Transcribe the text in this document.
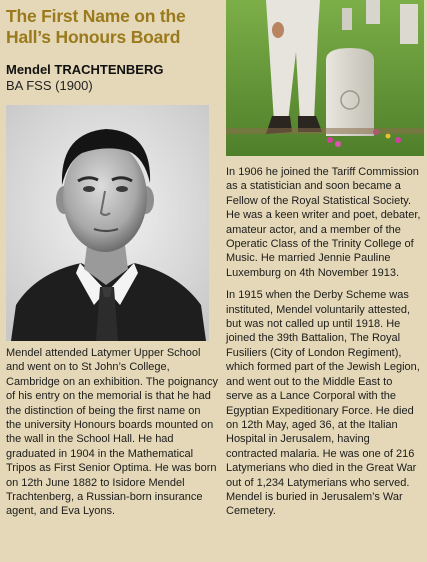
The First Name on the Hall’s Honours Board
Mendel TRACHTENBERG
BA FSS (1900)

Mendel attended Latymer Upper School and went on to St John’s College, Cambridge on an exhibition. The poignancy of his entry on the memorial is that he had the distinction of being the first name on the university Honours boards mounted on the wall in the School Hall. He had graduated in 1904 in the Mathematical Tripos as First Senior Optima. He was born on 12th June 1882 to Isidore Mendel Trachtenberg, a Russian-born insurance agent, and Eva Lyons.

In 1906 he joined the Tariff Commission as a statistician and soon became a Fellow of the Royal Statistical Society. He was a keen writer and poet, debater, amateur actor, and a member of the Operatic Class of the Trinity College of Music. He married Jennie Pauline Luxemburg on 4th November 1913.

In 1915 when the Derby Scheme was instituted, Mendel voluntarily attested, but was not called up until 1918. He joined the 39th Battalion, The Royal Fusiliers (City of London Regiment), which formed part of the Jewish Legion, and went out to the Middle East to serve as a Lance Corporal with the Egyptian Expeditionary Force. He died on 12th May, aged 36, at the Italian Hospital in Jerusalem, having contracted malaria. He was one of 216 Latymerians who died in the Great War out of 1,234 Latymerians who served. Mendel is buried in Jerusalem’s War Cemetery.
